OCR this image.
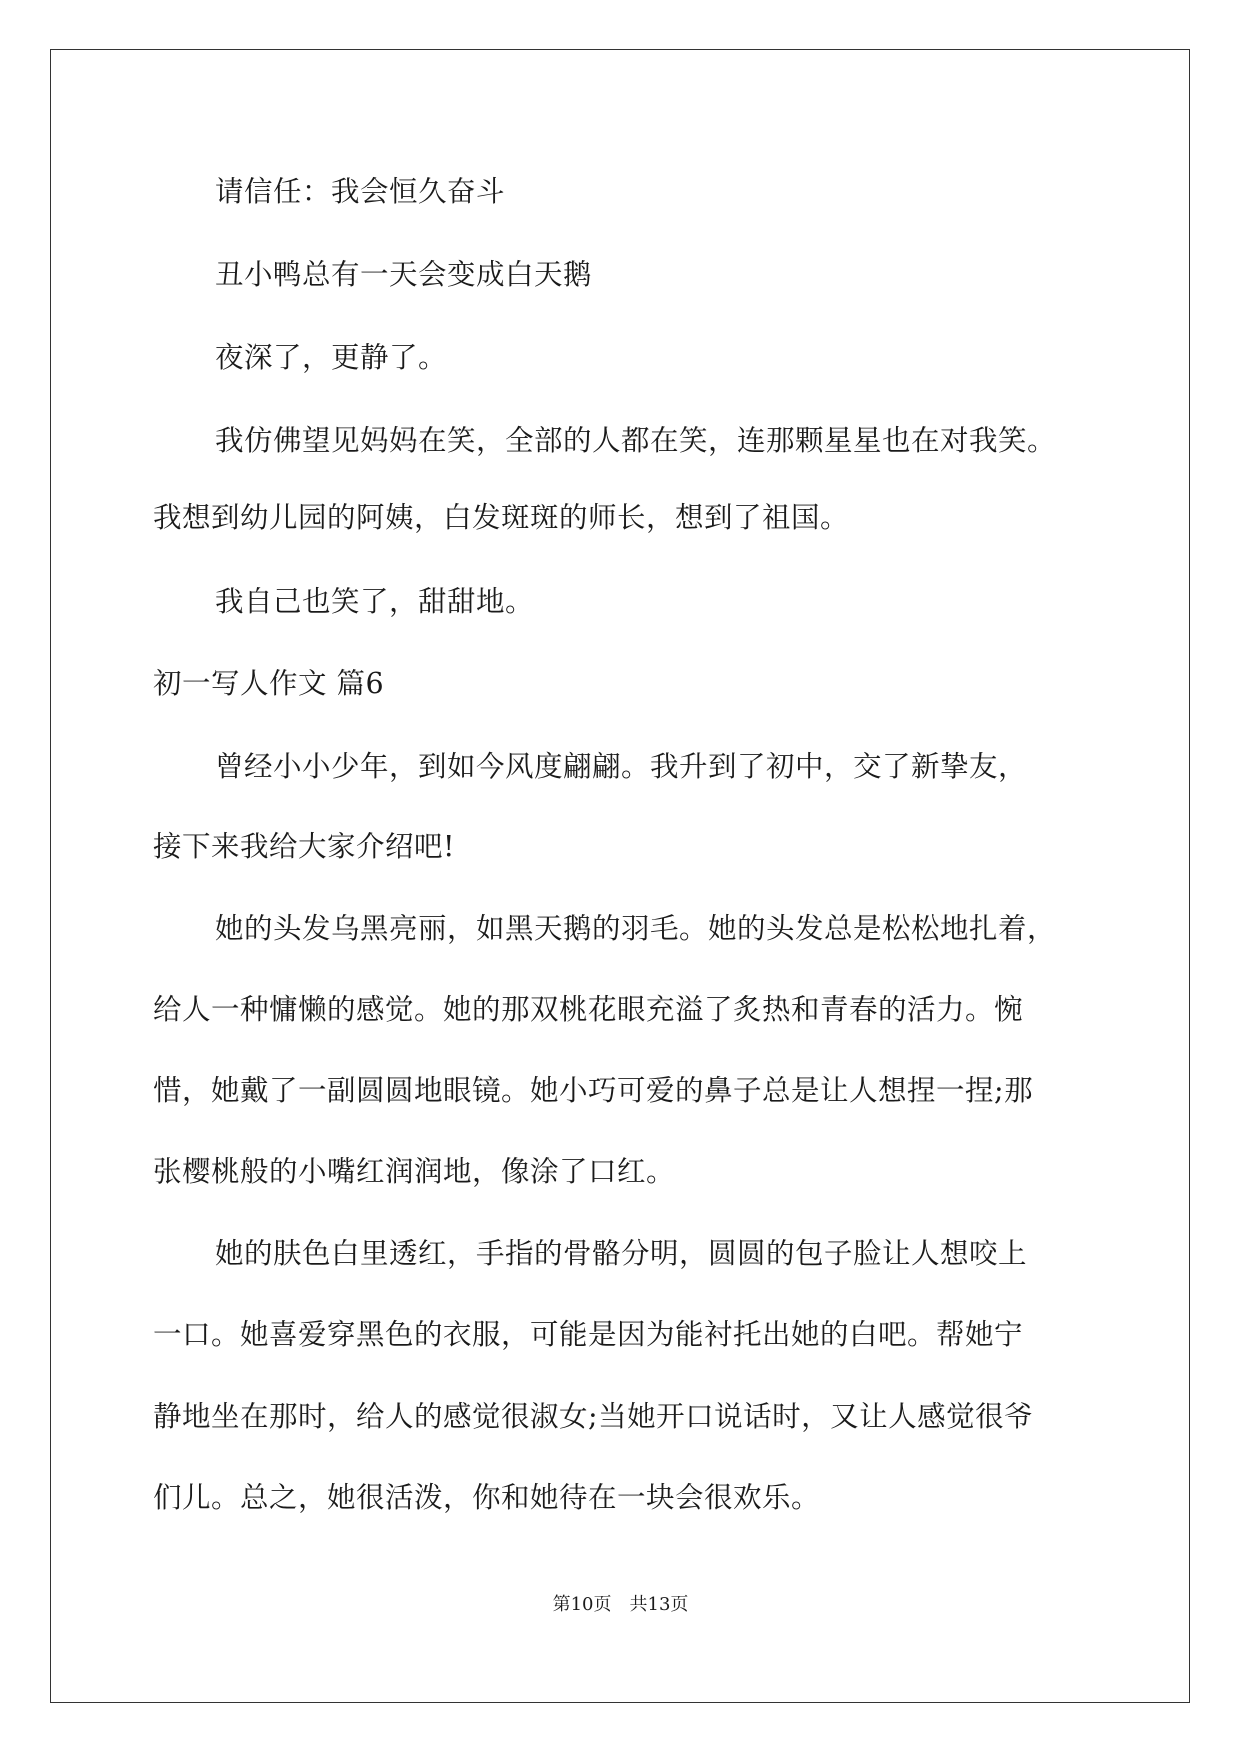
请信任：我会恒久奋斗
丑小鸭总有一天会变成白天鹅
夜深了，更静了。
我仿佛望见妈妈在笑，全部的人都在笑，连那颗星星也在对我笑。
我想到幼儿园的阿姨，白发斑斑的师长，想到了祖国。
我自己也笑了，甜甜地。
初一写人作文 篇6
曾经小小少年，到如今风度翩翩。我升到了初中，交了新挚友，
接下来我给大家介绍吧!
她的头发乌黑亮丽，如黑天鹅的羽毛。她的头发总是松松地扎着，
给人一种慵懒的感觉。她的那双桃花眼充溢了炙热和青春的活力。惋
惜，她戴了一副圆圆地眼镜。她小巧可爱的鼻子总是让人想捏一捏;那
张樱桃般的小嘴红润润地，像涂了口红。
她的肤色白里透红，手指的骨骼分明，圆圆的包子脸让人想咬上
一口。她喜爱穿黑色的衣服，可能是因为能衬托出她的白吧。帮她宁
静地坐在那时，给人的感觉很淑女;当她开口说话时，又让人感觉很爷
们儿。总之，她很活泼，你和她待在一块会很欢乐。
第10页 共13页
